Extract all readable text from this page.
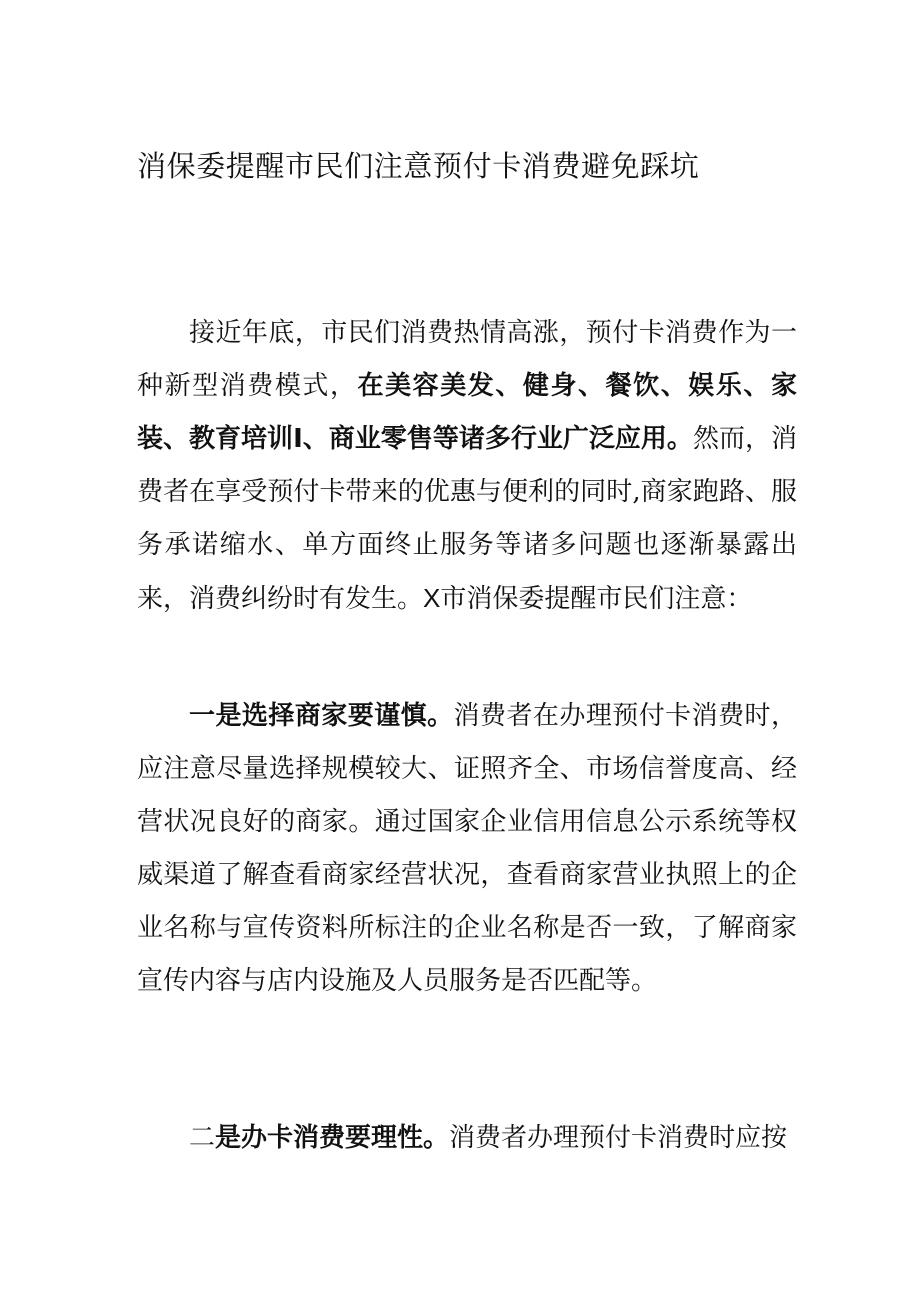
消保委提醒市民们注意预付卡消费避免踩坑

接近年底，市民们消费热情高涨，预付卡消费作为一种新型消费模式，在美容美发、健身、餐饮、娱乐、家装、教育培训Ⅰ、商业零售等诸多行业广泛应用。然而，消费者在享受预付卡带来的优惠与便利的同时,商家跑路、服务承诺缩水、单方面终止服务等诸多问题也逐渐暴露出来，消费纠纷时有发生。X市消保委提醒市民们注意：

一是选择商家要谨慎。消费者在办理预付卡消费时，应注意尽量选择规模较大、证照齐全、市场信誉度高、经营状况良好的商家。通过国家企业信用信息公示系统等权威渠道了解查看商家经营状况，查看商家营业执照上的企业名称与宣传资料所标注的企业名称是否一致，了解商家宣传内容与店内设施及人员服务是否匹配等。

二是办卡消费要理性。消费者办理预付卡消费时应按
